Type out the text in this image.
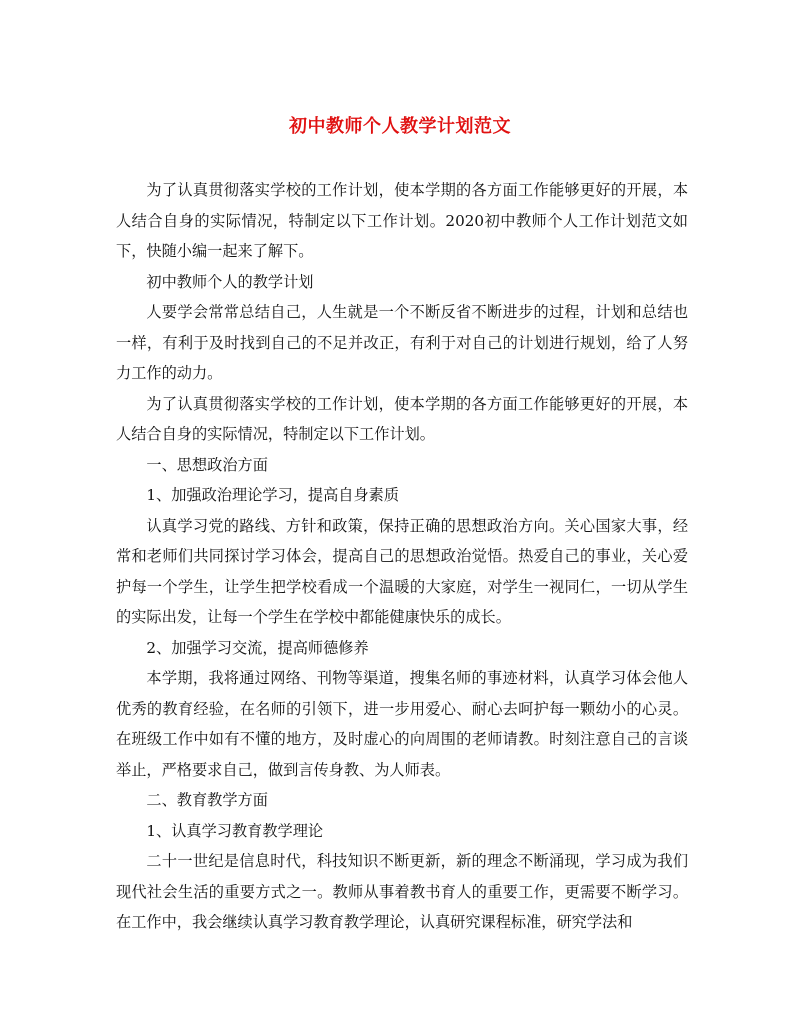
初中教师个人教学计划范文

为了认真贯彻落实学校的工作计划，使本学期的各方面工作能够更好的开展，本人结合自身的实际情况，特制定以下工作计划。2020初中教师个人工作计划范文如下，快随小编一起来了解下。

初中教师个人的教学计划

人要学会常常总结自己，人生就是一个不断反省不断进步的过程，计划和总结也一样，有利于及时找到自己的不足并改正，有利于对自己的计划进行规划，给了人努力工作的动力。

为了认真贯彻落实学校的工作计划，使本学期的各方面工作能够更好的开展，本人结合自身的实际情况，特制定以下工作计划。

一、思想政治方面

1、加强政治理论学习，提高自身素质

认真学习党的路线、方针和政策，保持正确的思想政治方向。关心国家大事，经常和老师们共同探讨学习体会，提高自己的思想政治觉悟。热爱自己的事业，关心爱护每一个学生，让学生把学校看成一个温暖的大家庭，对学生一视同仁，一切从学生的实际出发，让每一个学生在学校中都能健康快乐的成长。

2、加强学习交流，提高师德修养

本学期，我将通过网络、刊物等渠道，搜集名师的事迹材料，认真学习体会他人优秀的教育经验，在名师的引领下，进一步用爱心、耐心去呵护每一颗幼小的心灵。在班级工作中如有不懂的地方，及时虚心的向周围的老师请教。时刻注意自己的言谈举止，严格要求自己，做到言传身教、为人师表。

二、教育教学方面

1、认真学习教育教学理论

二十一世纪是信息时代，科技知识不断更新，新的理念不断涌现，学习成为我们现代社会生活的重要方式之一。教师从事着教书育人的重要工作，更需要不断学习。在工作中，我会继续认真学习教育教学理论，认真研究课程标准，研究学法和
